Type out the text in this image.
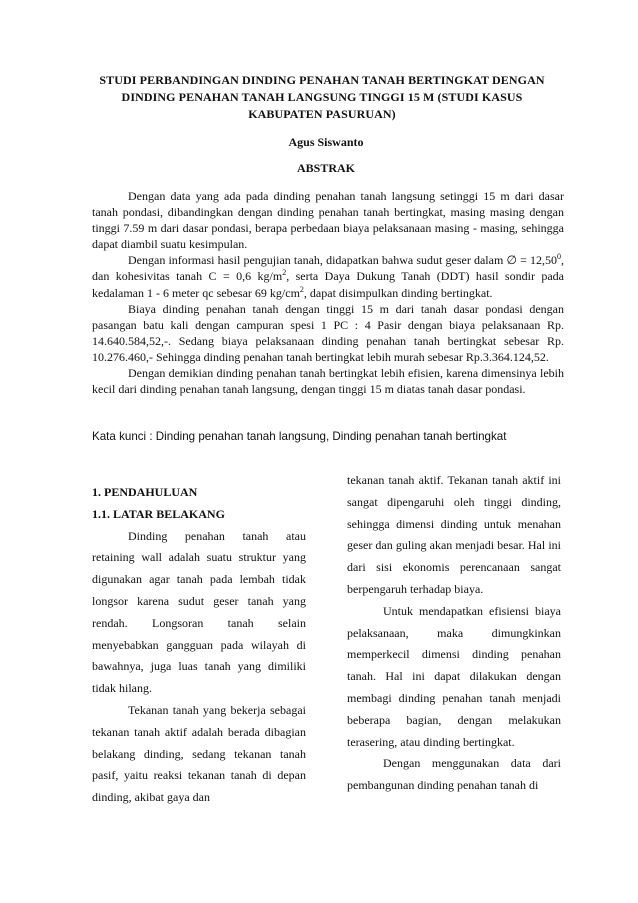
STUDI PERBANDINGAN DINDING PENAHAN TANAH BERTINGKAT DENGAN DINDING PENAHAN TANAH LANGSUNG TINGGI 15 M (STUDI KASUS KABUPATEN PASURUAN)
Agus Siswanto
ABSTRAK

Dengan data yang ada pada dinding penahan tanah langsung setinggi 15 m dari dasar tanah pondasi, dibandingkan dengan dinding penahan tanah bertingkat, masing masing dengan tinggi 7.59 m dari dasar pondasi, berapa perbedaan biaya pelaksanaan masing - masing, sehingga dapat diambil suatu kesimpulan.

Dengan informasi hasil pengujian tanah, didapatkan bahwa sudut geser dalam ∅ = $12,50^0$, dan kohesivitas tanah C = 0,6 $kg/m^2$, serta Daya Dukung Tanah (DDT) hasil sondir pada kedalaman 1 - 6 meter qc sebesar 69 $kg/cm^2$, dapat disimpulkan dinding bertingkat.

Biaya dinding penahan tanah dengan tinggi 15 m dari tanah dasar pondasi dengan pasangan batu kali dengan campuran spesi 1 PC : 4 Pasir dengan biaya pelaksanaan Rp. 14.640.584,52,-. Sedang biaya pelaksanaan dinding penahan tanah bertingkat sebesar Rp. 10.276.460,- Sehingga dinding penahan tanah bertingkat lebih murah sebesar Rp.3.364.124,52.

Dengan demikian dinding penahan tanah bertingkat lebih efisien, karena dimensinya lebih kecil dari dinding penahan tanah langsung, dengan tinggi 15 m diatas tanah dasar pondasi.

Kata kunci : Dinding penahan tanah langsung, Dinding penahan tanah bertingkat
1. PENDAHULUAN
1.1. LATAR BELAKANG

Dinding penahan tanah atau retaining wall adalah suatu struktur yang digunakan agar tanah pada lembah tidak longsor karena sudut geser tanah yang rendah. Longsoran tanah selain menyebabkan gangguan pada wilayah di bawahnya, juga luas tanah yang dimiliki tidak hilang.

Tekanan tanah yang bekerja sebagai tekanan tanah aktif adalah berada dibagian belakang dinding, sedang tekanan tanah pasif, yaitu reaksi tekanan tanah di depan dinding, akibat gaya dan

tekanan tanah aktif. Tekanan tanah aktif ini sangat dipengaruhi oleh tinggi dinding, sehingga dimensi dinding untuk menahan geser dan guling akan menjadi besar. Hal ini dari sisi ekonomis perencanaan sangat berpengaruh terhadap biaya.

Untuk mendapatkan efisiensi biaya pelaksanaan, maka dimungkinkan memperkecil dimensi dinding penahan tanah. Hal ini dapat dilakukan dengan membagi dinding penahan tanah menjadi beberapa bagian, dengan melakukan terasering, atau dinding bertingkat.

Dengan menggunakan data dari pembangunan dinding penahan tanah di
